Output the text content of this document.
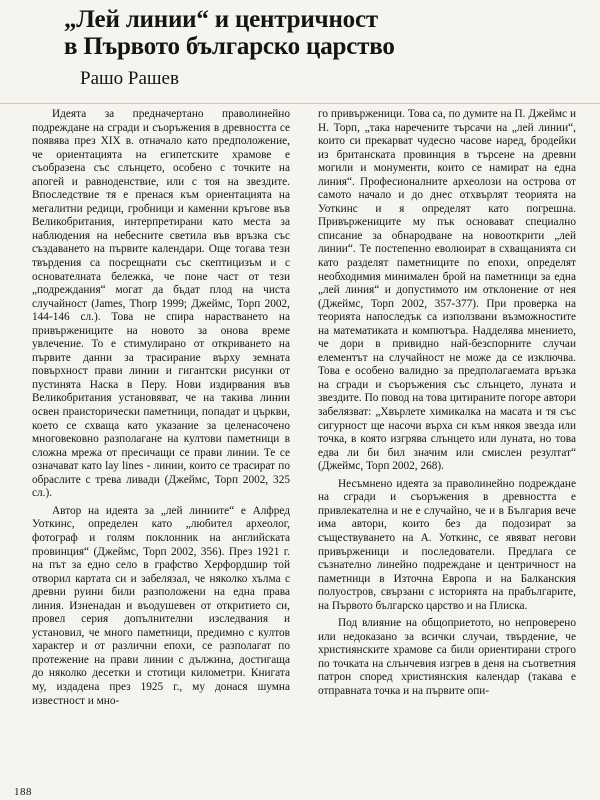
„Лей линии“ и центричност
в Първото българско царство
Рашо Рашев

Идеята за предначертано праволинейно подреждане на сгради и съоръжения в древността се появява през XIX в. отначало като предположение, че ориентацията на египетските храмове е съобразена със слънцето, особено с точките на апогей и равноденствие, или с тоя на звездите. Впоследствие тя е пренася към ориентацията на мегалитни редици, гробници и каменни кръгове във Великобритания, интерпретирани като места за наблюдения на небесните светила във връзка със създаването на първите календари. Още тогава тези твърдения са посрещнати със скептицизъм и с основателната бележка, че поне част от тези „подреждания“ могат да бъдат плод на чиста случайност (James, Thorp 1999; Джеймс, Торп 2002, 144-146 сл.). Това не спира нарастването на привържениците на новото за онова време увлечение. То е стимулирано от откриването на първите данни за трасирание върху земната повърхност прави линии и гигантски рисунки от пустинята Наска в Перу. Нови издирвания във Великобритания установяват, че на такива линии освен праисторически паметници, попадат и църкви, което се схваща като указание за целенасочено многовековно разполагане на култови паметници в сложна мрежа от пресичащи се прави линии. Те се означават като lay lines - линии, които се трасират по обраслите с трева ливади (Джеймс, Торп 2002, 325 сл.).

Автор на идеята за „лей линиите“ е Алфред Уоткинс, определен като „любител археолог, фотограф и голям поклонник на английската провинция“ (Джеймс, Торп 2002, 356). През 1921 г. на път за едно село в графство Херфордшир той отворил картата си и забелязал, че няколко хълма с древни руини били разположени на една права линия. Изненадан и въодушевен от откритието си, провел серия допълнителни изследвания и установил, че много паметници, предимно с култов характер и от различни епохи, се разполагат по протежение на прави линии с дължина, достигаща до няколко десетки и стотици километри. Книгата му, издадена през 1925 г., му донася шумна известност и мно-

го привърженици. Това са, по думите на П. Джеймс и Н. Торп, „така наречените търсачи на „лей линии“, които си прекарват чудесно часове наред, бродейки из британската провинция в търсене на древни могили и монументи, които се намират на една линия“. Професионалните археолози на острова от самото начало и до днес отхвърлят теорията на Уоткинс и я определят като погрешна. Привържениците му пък основават специално списание за обнародване на новооткрити „лей линии“. Те постепенно еволюират в схващанията си като разделят паметниците по епохи, определят необходимия минимален брой на паметници за една „лей линия“ и допустимото им отклонение от нея (Джеймс, Торп 2002, 357-377). При проверка на теорията напоследък са използвани възможностите на математиката и компютъра. Надделява мнението, че дори в привидно най-безспорните случаи елементът на случайност не може да се изключва. Това е особено валидно за предполагаемата връзка на сгради и съоръжения със слънцето, луната и звездите. По повод на това цитираните погоре автори забелязват: „Хвърлете химикалка на масата и тя със сигурност ще насочи върха си към някоя звезда или точка, в която изгрява слънцето или луната, но това едва ли би бил значим или смислен резултат“ (Джеймс, Торп 2002, 268).

Несъмнено идеята за праволинейно подреждане на сгради и съоръжения в древността е привлекателна и не е случайно, че и в България вече има автори, които без да подозират за съществуването на А. Уоткинс, се явяват негови привърженици и последователи. Предлага се съзнателно линейно подреждане и центричност на паметници в Източна Европа и на Балканския полуостров, свързани с историята на прабългарите, на Първото българско царство и на Плиска.

Под влияние на общоприетото, но непроверено или недоказано за всички случаи, твърдение, че християнските храмове са били ориентирани строго по точката на слънчевия изгрев в деня на съответния патрон според християнския календар (такава е отправната точка и на първите опи-

188
